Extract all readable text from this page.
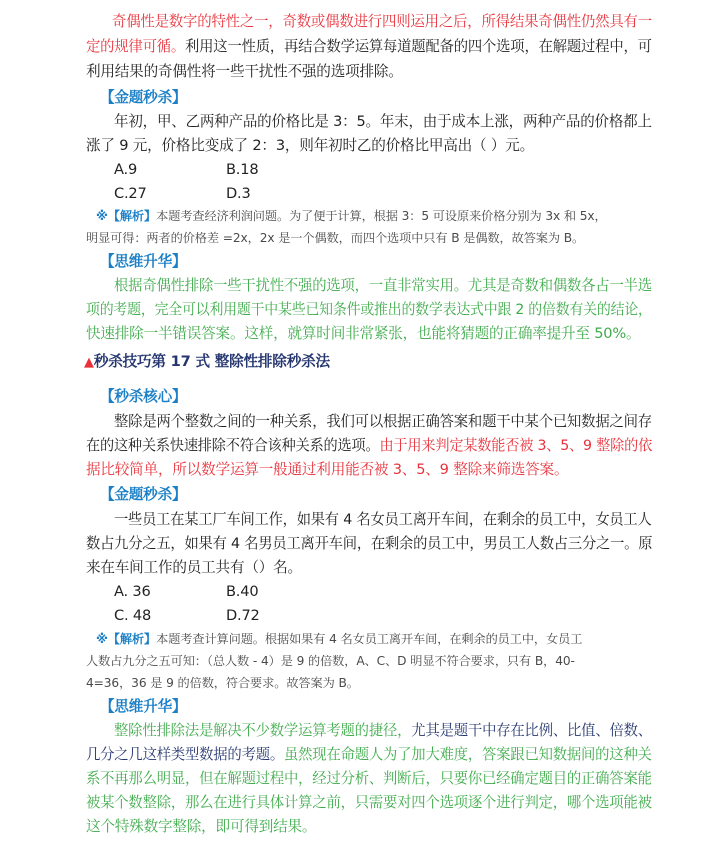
奇偶性是数字的特性之一，奇数或偶数进行四则运用之后，所得结果奇偶性仍然具有一
定的规律可循。利用这一性质，再结合数学运算每道题配备的四个选项，在解题过程中，可
利用结果的奇偶性将一些干扰性不强的选项排除。
【金题秒杀】
年初，甲、乙两种产品的价格比是 3：5。年末，由于成本上涨，两种产品的价格都上
涨了 9 元，价格比变成了 2：3，则年初时乙的价格比甲高出（ ）元。
A.9	B.18
C.27	D.3
※【解析】本题考查经济利润问题。为了便于计算，根据 3：5 可设原来价格分别为 3x 和 5x，
明显可得：两者的价格差 =2x，2x 是一个偶数，而四个选项中只有 B 是偶数，故答案为 B。
【思维升华】
根据奇偶性排除一些干扰性不强的选项，一直非常实用。尤其是奇数和偶数各占一半选
项的考题，完全可以利用题干中某些已知条件或推出的数学表达式中跟 2 的倍数有关的结论，
快速排除一半错误答案。这样，就算时间非常紧张，也能将猜题的正确率提升至 50%。
▲秒杀技巧第 17 式 整除性排除秒杀法
【秒杀核心】
整除是两个整数之间的一种关系，我们可以根据正确答案和题干中某个已知数据之间存
在的这种关系快速排除不符合该种关系的选项。由于用来判定某数能否被 3、5、9 整除的依
据比较简单，所以数学运算一般通过利用能否被 3、5、9 整除来筛选答案。
【金题秒杀】
一些员工在某工厂车间工作，如果有 4 名女员工离开车间，在剩余的员工中，女员工人
数占九分之五，如果有 4 名男员工离开车间，在剩余的员工中，男员工人数占三分之一。原
来在车间工作的员工共有（）名。
A. 36	B.40
C. 48	D.72
※【解析】本题考查计算问题。根据如果有 4 名女员工离开车间，在剩余的员工中，女员工
人数占九分之五可知：（总人数 - 4）是 9 的倍数，A、C、D 明显不符合要求，只有 B，40-
4=36，36 是 9 的倍数，符合要求。故答案为 B。
【思维升华】
整除性排除法是解决不少数学运算考题的捷径，尤其是题干中存在比例、比值、倍数、
几分之几这样类型数据的考题。虽然现在命题人为了加大难度，答案跟已知数据间的这种关
系不再那么明显，但在解题过程中，经过分析、判断后，只要你已经确定题目的正确答案能
被某个数整除，那么在进行具体计算之前，只需要对四个选项逐个进行判定，哪个选项能被
这个特殊数字整除，即可得到结果。
